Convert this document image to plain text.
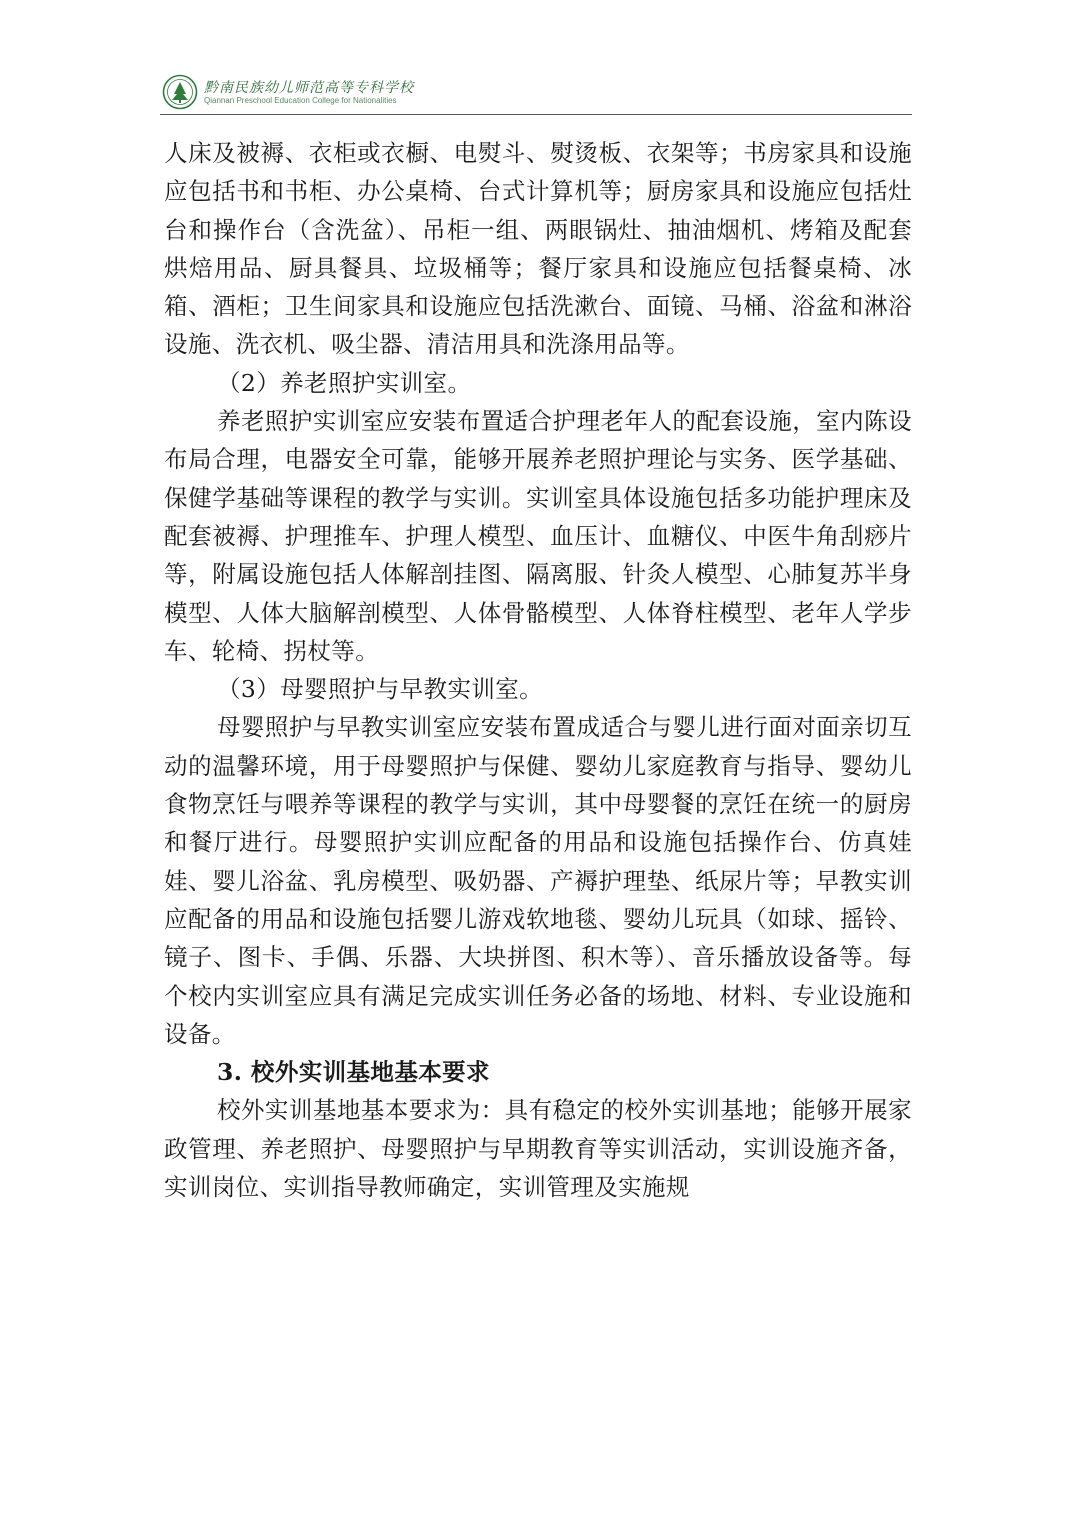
黔南民族幼儿师范高等专科学校
Qiannan Preschool Education College for Nationalities

人床及被褥、衣柜或衣橱、电熨斗、熨烫板、衣架等；书房家具和设施应包括书和书柜、办公桌椅、台式计算机等；厨房家具和设施应包括灶台和操作台（含洗盆）、吊柜一组、两眼锅灶、抽油烟机、烤箱及配套烘焙用品、厨具餐具、垃圾桶等；餐厅家具和设施应包括餐桌椅、冰箱、酒柜；卫生间家具和设施应包括洗漱台、面镜、马桶、浴盆和淋浴设施、洗衣机、吸尘器、清洁用具和洗涤用品等。

（2）养老照护实训室。

养老照护实训室应安装布置适合护理老年人的配套设施，室内陈设布局合理，电器安全可靠，能够开展养老照护理论与实务、医学基础、保健学基础等课程的教学与实训。实训室具体设施包括多功能护理床及配套被褥、护理推车、护理人模型、血压计、血糖仪、中医牛角刮痧片等，附属设施包括人体解剖挂图、隔离服、针灸人模型、心肺复苏半身模型、人体大脑解剖模型、人体骨骼模型、人体脊柱模型、老年人学步车、轮椅、拐杖等。

（3）母婴照护与早教实训室。

母婴照护与早教实训室应安装布置成适合与婴儿进行面对面亲切互动的温馨环境，用于母婴照护与保健、婴幼儿家庭教育与指导、婴幼儿食物烹饪与喂养等课程的教学与实训，其中母婴餐的烹饪在统一的厨房和餐厅进行。母婴照护实训应配备的用品和设施包括操作台、仿真娃娃、婴儿浴盆、乳房模型、吸奶器、产褥护理垫、纸尿片等；早教实训应配备的用品和设施包括婴儿游戏软地毯、婴幼儿玩具（如球、摇铃、镜子、图卡、手偶、乐器、大块拼图、积木等）、音乐播放设备等。每个校内实训室应具有满足完成实训任务必备的场地、材料、专业设施和设备。

3. 校外实训基地基本要求

校外实训基地基本要求为：具有稳定的校外实训基地；能够开展家政管理、养老照护、母婴照护与早期教育等实训活动，实训设施齐备，实训岗位、实训指导教师确定，实训管理及实施规
